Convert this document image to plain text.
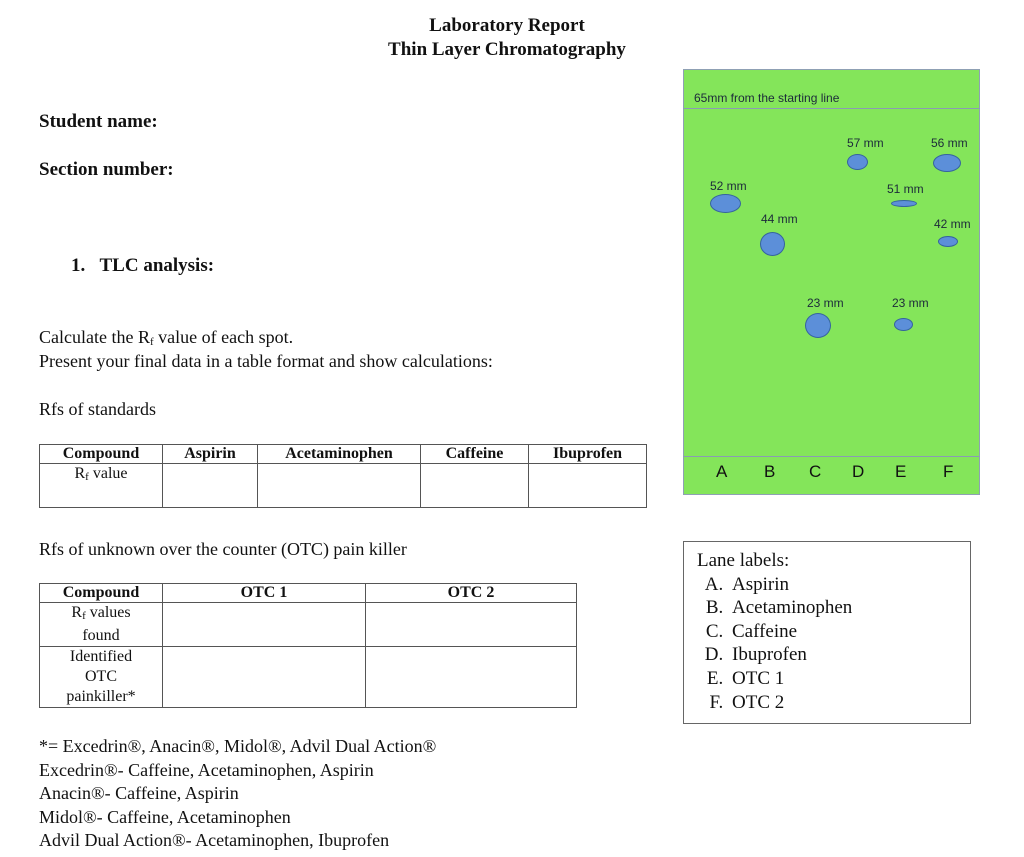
Laboratory Report
Thin Layer Chromatography
Student name:
Section number:
1. TLC analysis:
Calculate the $R_f$ value of each spot.
Present your final data in a table format and show calculations:
Rfs of standards
Compound	Aspirin	Acetaminophen	Caffeine	Ibuprofen
$R_f$ value				
Rfs of unknown over the counter (OTC) pain killer
Compound	OTC 1	OTC 2
$R_f$ values
found		
Identified
OTC
painkiller*		
*= Excedrin®, Anacin®, Midol®, Advil Dual Action®
Excedrin®- Caffeine, Acetaminophen, Aspirin
Anacin®- Caffeine, Aspirin
Midol®- Caffeine, Acetaminophen
Advil Dual Action®- Acetaminophen, Ibuprofen
65mm from the starting line
52 mm
44 mm
23 mm
57 mm
51 mm
23 mm
56 mm
42 mm
A B C D E F
Lane labels:
A. Aspirin
B. Acetaminophen
C. Caffeine
D. Ibuprofen
E. OTC 1
F. OTC 2
